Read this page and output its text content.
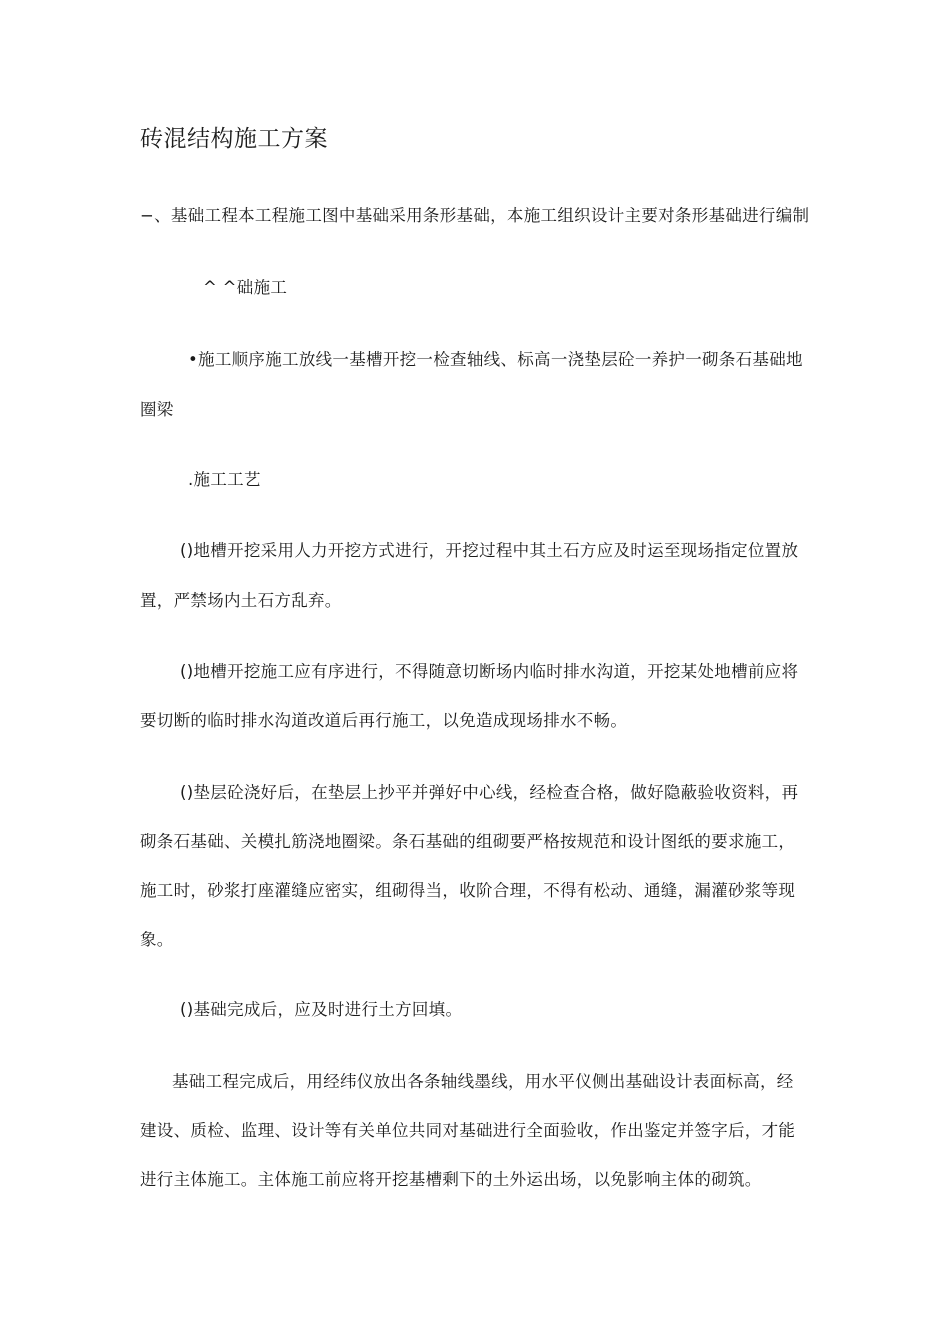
砖混结构施工方案
−、基础工程本工程施工图中基础采用条形基础，本施工组织设计主要对条形基础进行编制
^ ^础施工
•施工顺序施工放线一基槽开挖一检查轴线、标高一浇垫层砼一养护一砌条石基础地
圈梁
.施工工艺
()地槽开挖采用人力开挖方式进行，开挖过程中其土石方应及时运至现场指定位置放
置，严禁场内土石方乱弃。
()地槽开挖施工应有序进行，不得随意切断场内临时排水沟道，开挖某处地槽前应将
要切断的临时排水沟道改道后再行施工，以免造成现场排水不畅。
()垫层砼浇好后，在垫层上抄平并弹好中心线，经检查合格，做好隐蔽验收资料，再
砌条石基础、关模扎筋浇地圈梁。条石基础的组砌要严格按规范和设计图纸的要求施工，
施工时，砂浆打座灌缝应密实，组砌得当，收阶合理，不得有松动、通缝，漏灌砂浆等现
象。
()基础完成后，应及时进行土方回填。
基础工程完成后，用经纬仪放出各条轴线墨线，用水平仪侧出基础设计表面标高，经
建设、质检、监理、设计等有关单位共同对基础进行全面验收，作出鉴定并签字后，才能
进行主体施工。主体施工前应将开挖基槽剩下的土外运出场，以免影响主体的砌筑。
